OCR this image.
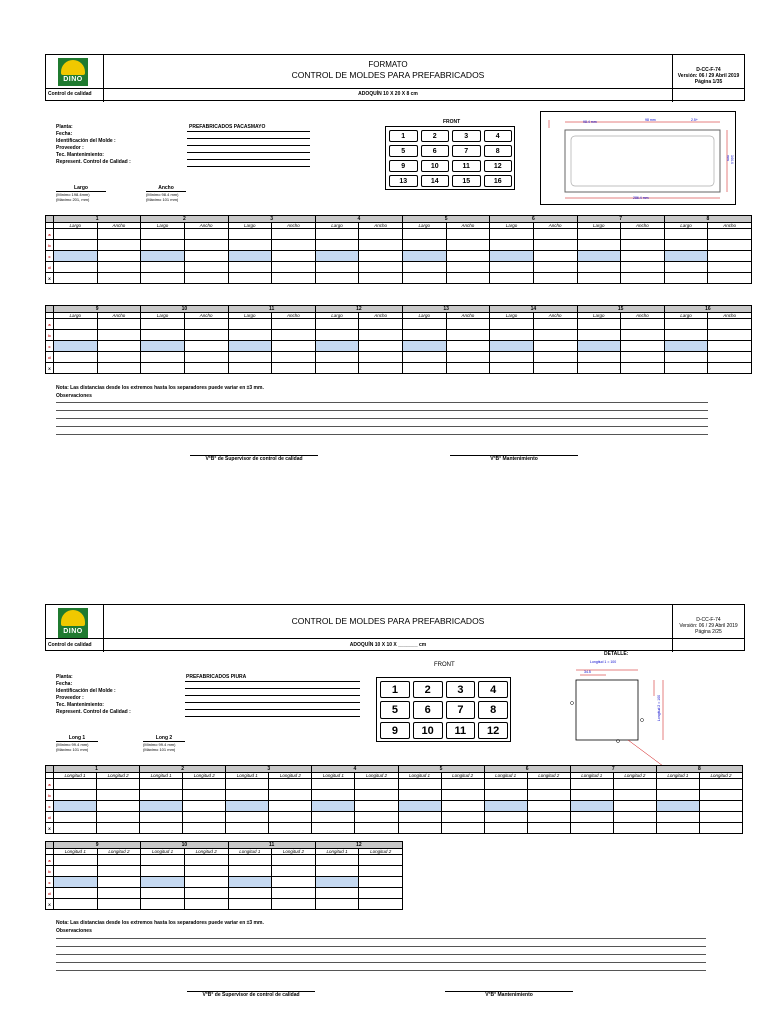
DINO
Control de calidad
FORMATO
CONTROL DE MOLDES PARA PREFABRICADOS
ADOQUÍN 10 X 20 X 8 cm
D-CC-F-74
Versión: 06 / 29 Abril 2019
Página 1/35
Planta:
Fecha:
Identificación del Molde :
Proveedor :
Tec. Mantenimiento:
Represent. Control de Calidad :
PREFABRICADOS PACASMAYO
Largo
(Mínimo 198.4mm)
(Máximo 201, mm)
Ancho
(Mínimo 98.4 mm)
(Máximo 101 mm)
FRONT
1	2	3	4
5	6	7	8
9	10	11	12
13	14	15	16
98.4 mm	98 mm	2.5+
286.4 mm
144.4 mm
	1		2		3		4		5		6		7		8	
	Largo	Ancho	Largo	Ancho	Largo	Ancho	Largo	Ancho	Largo	Ancho	Largo	Ancho	Largo	Ancho	Largo	Ancho
a																
b																
c																
d																
X																
	9		10		11		12		13		14		15		16	
	Largo	Ancho	Largo	Ancho	Largo	Ancho	Largo	Ancho	Largo	Ancho	Largo	Ancho	Largo	Ancho	Largo	Ancho
a																
b																
c																
d																
X																
Nota: Las distancias desde los extremos hasta los separadores puede variar en ±3 mm.
Observaciones
V°B° de Supervisor de control de calidad	V°B° Mantenimiento
DINO
Control de calidad
CONTROL DE MOLDES PARA PREFABRICADOS
ADOQUÍN 10 X 10 X _______ cm
D-CC-F-74
Versión: 06 / 29 Abril 2019
Página 2/25
Planta:
Fecha:
Identificación del Molde :
Proveedor :
Tec. Mantenimiento:
Represent. Control de Calidad :
PREFABRICADOS PIURA
Long 1
(Mínimo 99.4 mm)
(Máximo 101 mm)
Long 2
(Mínimo 99.4 mm)
(Máximo 101 mm)
FRONT
1	2	3	4
5	6	7	8
9	10	11	12
DETALLE:
Longitud 1 = 100
34.5
Longitud 2 = 100
	1		2		3		4		5		6		7		8	
	Longitud 1	Longitud 2	Longitud 1	Longitud 2	Longitud 1	Longitud 2	Longitud 1	Longitud 2	Longitud 1	Longitud 2	Longitud 1	Longitud 2	Longitud 1	Longitud 2	Longitud 1	Longitud 2
a																
b																
c																
d																
X																
	9		10		11		12	
	Longitud 1	Longitud 2	Longitud 1	Longitud 2	Longitud 1	Longitud 2	Longitud 1	Longitud 2
a								
b								
c								
d								
X								
Nota: Las distancias desde los extremos hasta los separadores puede variar en ±3 mm.
Observaciones
V°B° de Supervisor de control de calidad	V°B° Mantenimiento
